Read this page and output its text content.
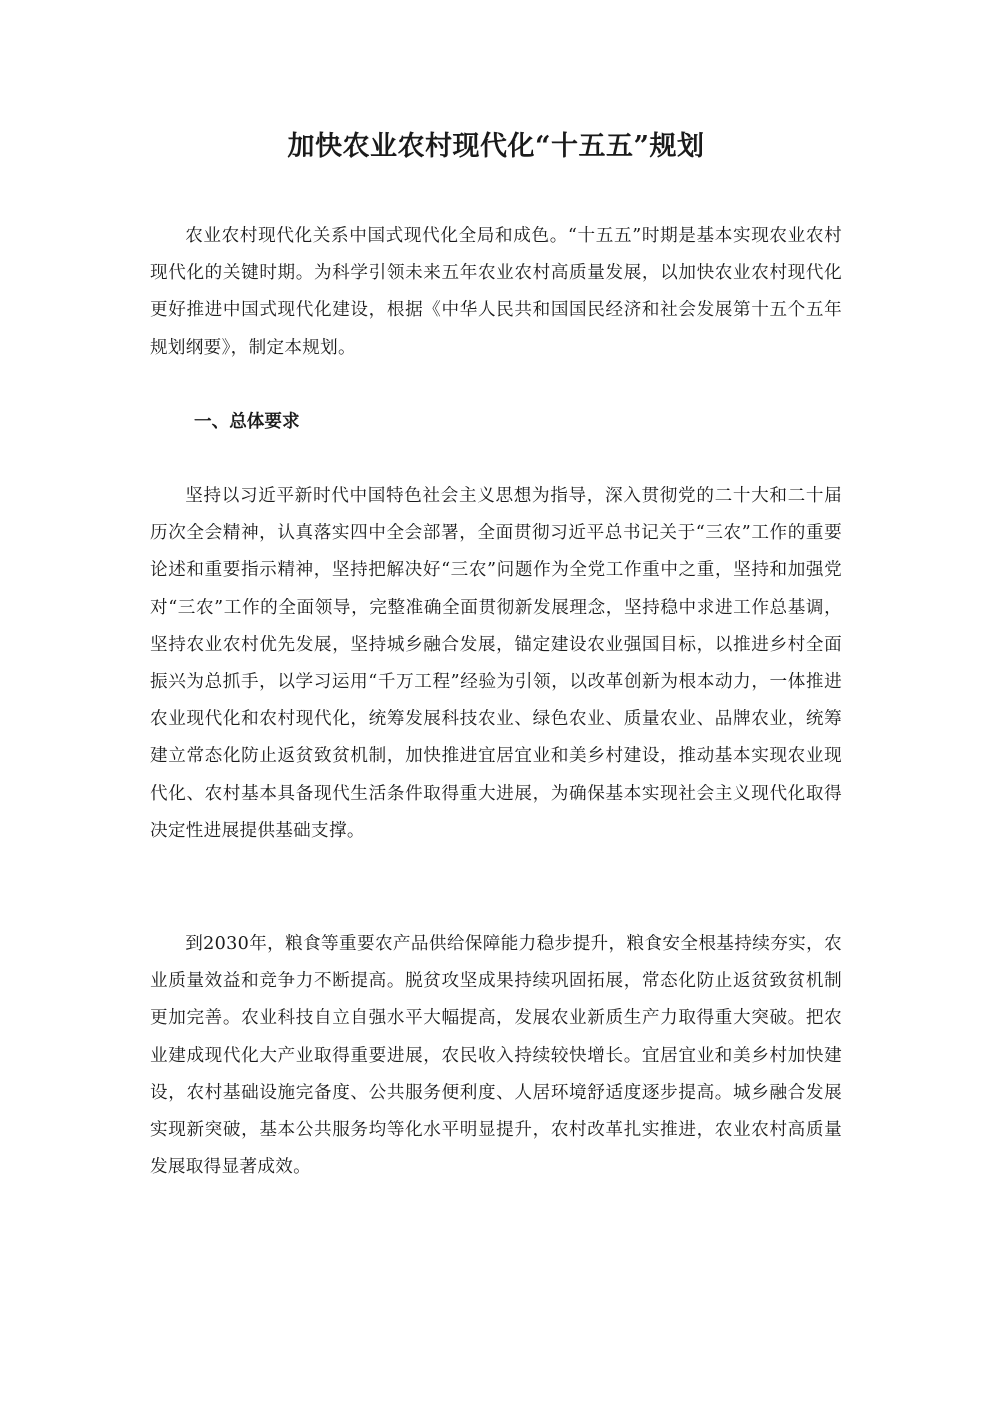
加快农业农村现代化“十五五”规划

农业农村现代化关系中国式现代化全局和成色。“十五五”时期是基本实现农业农村现代化的关键时期。为科学引领未来五年农业农村高质量发展，以加快农业农村现代化更好推进中国式现代化建设，根据《中华人民共和国国民经济和社会发展第十五个五年规划纲要》，制定本规划。

一、总体要求

坚持以习近平新时代中国特色社会主义思想为指导，深入贯彻党的二十大和二十届历次全会精神，认真落实四中全会部署，全面贯彻习近平总书记关于“三农”工作的重要论述和重要指示精神，坚持把解决好“三农”问题作为全党工作重中之重，坚持和加强党对“三农”工作的全面领导，完整准确全面贯彻新发展理念，坚持稳中求进工作总基调，坚持农业农村优先发展，坚持城乡融合发展，锚定建设农业强国目标，以推进乡村全面振兴为总抓手，以学习运用“千万工程”经验为引领，以改革创新为根本动力，一体推进农业现代化和农村现代化，统筹发展科技农业、绿色农业、质量农业、品牌农业，统筹建立常态化防止返贫致贫机制，加快推进宜居宜业和美乡村建设，推动基本实现农业现代化、农村基本具备现代生活条件取得重大进展，为确保基本实现社会主义现代化取得决定性进展提供基础支撑。

到2030年，粮食等重要农产品供给保障能力稳步提升，粮食安全根基持续夯实，农业质量效益和竞争力不断提高。脱贫攻坚成果持续巩固拓展，常态化防止返贫致贫机制更加完善。农业科技自立自强水平大幅提高，发展农业新质生产力取得重大突破。把农业建成现代化大产业取得重要进展，农民收入持续较快增长。宜居宜业和美乡村加快建设，农村基础设施完备度、公共服务便利度、人居环境舒适度逐步提高。城乡融合发展实现新突破，基本公共服务均等化水平明显提升，农村改革扎实推进，农业农村高质量发展取得显著成效。
